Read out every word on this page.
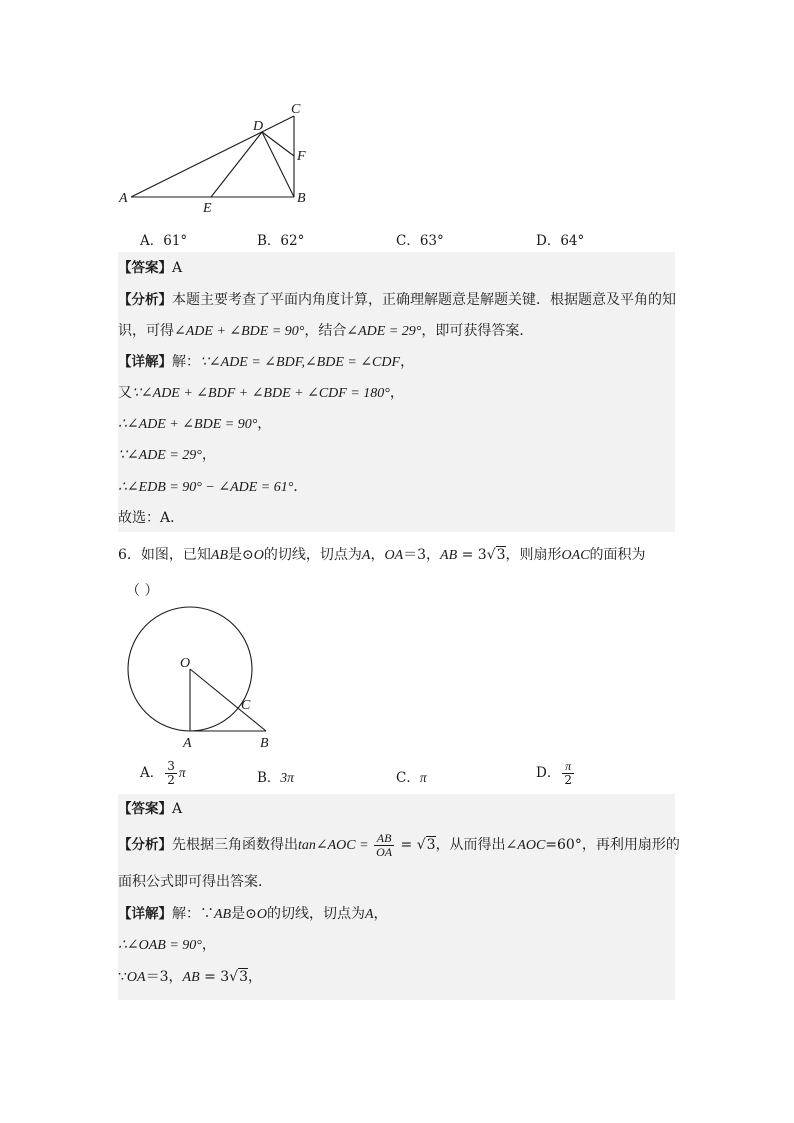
A	B
C
D
E
F
A．61°	B．62°	C．63°	D．64°
【答案】A
【分析】本题主要考查了平面内角度计算，正确理解题意是解题关键．根据题意及平角的知
识，可得∠ADE + ∠BDE = 90°，结合∠ADE = 29°，即可获得答案．
【详解】解：∵∠ADE = ∠BDF,∠BDE = ∠CDF，
又∵∠ADE + ∠BDF + ∠BDE + ∠CDF = 180°，
∴∠ADE + ∠BDE = 90°，
∵∠ADE = 29°，
∴∠EDB = 90° − ∠ADE = 61°．
故选：A．
6．如图，已知AB是⊙O的切线，切点为A，OA＝3，AB = 3√3，则扇形OAC的面积为
（ ）
O
A	B
C
A． $\frac{3}{2}$ π	B．3π	C．π	D． $\frac{\pi}{2}$
【答案】A
【分析】先根据三角函数得出tan∠AOC = $\frac{AB}{OA} = √3$，从而得出∠AOC=60°，再利用扇形的
面积公式即可得出答案．
【详解】解：∵AB是⊙O的切线，切点为A，
∴∠OAB = 90°，
∵OA＝3，AB = 3√3，
